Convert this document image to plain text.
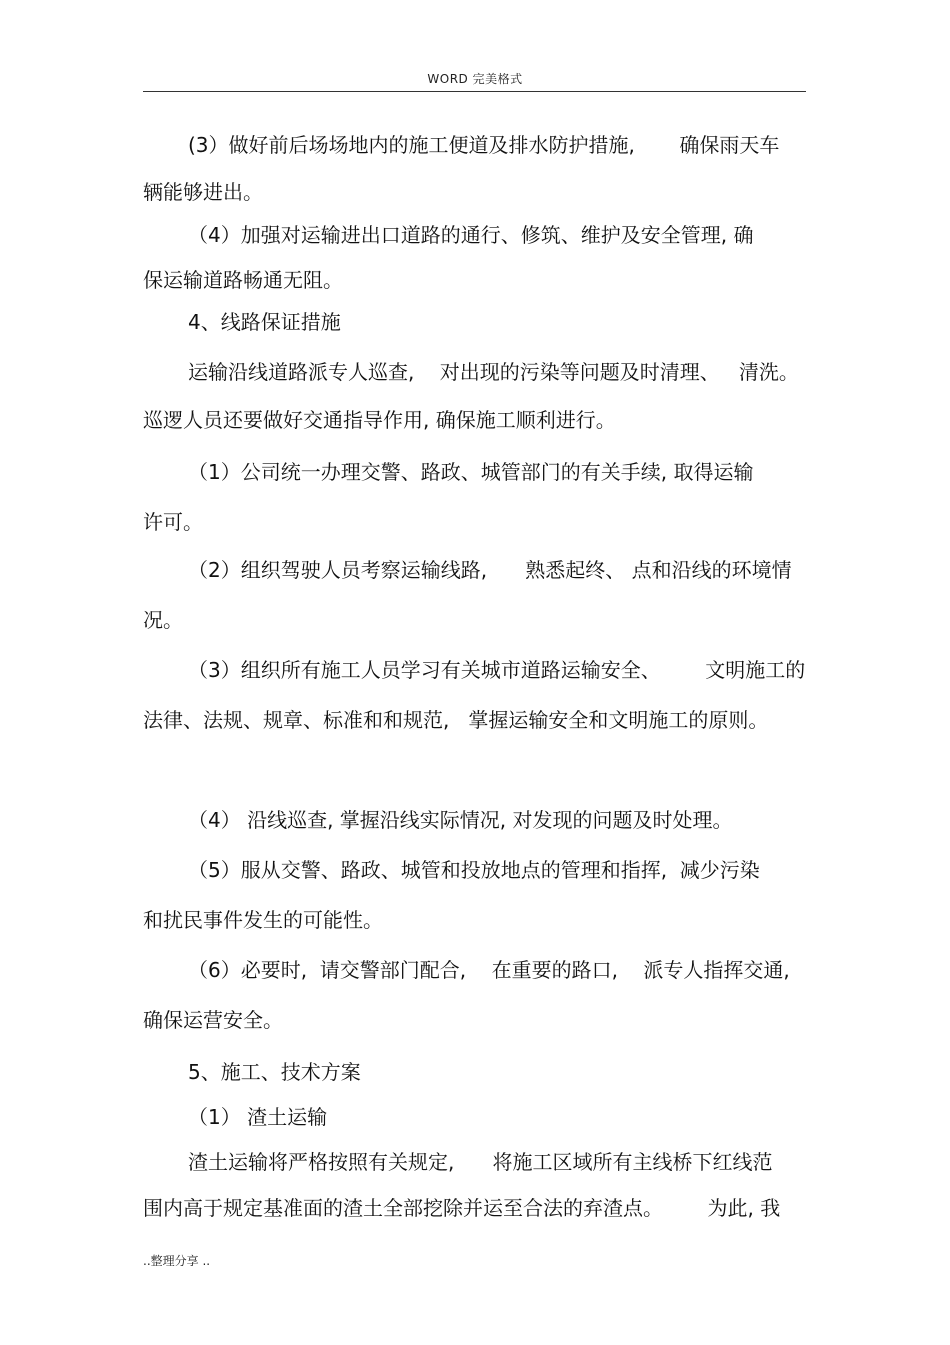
WORD 完美格式
(3）做好前后场场地内的施工便道及排水防护措施,       确保雨天车
辆能够进出。
（4）加强对运输进出口道路的通行、修筑、维护及安全管理, 确
保运输道路畅通无阻。
4、线路保证措施
运输沿线道路派专人巡查,    对出现的污染等问题及时清理、   清洗。
巡逻人员还要做好交通指导作用, 确保施工顺利进行。
（1）公司统一办理交警、路政、城管部门的有关手续, 取得运输
许可。
（2）组织驾驶人员考察运输线路,      熟悉起终、 点和沿线的环境情
况。
（3）组织所有施工人员学习有关城市道路运输安全、       文明施工的
法律、法规、规章、标准和和规范,   掌握运输安全和文明施工的原则。
（4） 沿线巡查, 掌握沿线实际情况, 对发现的问题及时处理。
（5）服从交警、路政、城管和投放地点的管理和指挥,  减少污染
和扰民事件发生的可能性。
（6）必要时,  请交警部门配合,    在重要的路口,    派专人指挥交通,
确保运营安全。
5、施工、技术方案
（1） 渣土运输
渣土运输将严格按照有关规定,      将施工区域所有主线桥下红线范
围内高于规定基准面的渣土全部挖除并运至合法的弃渣点。       为此, 我
..整理分享 ..
